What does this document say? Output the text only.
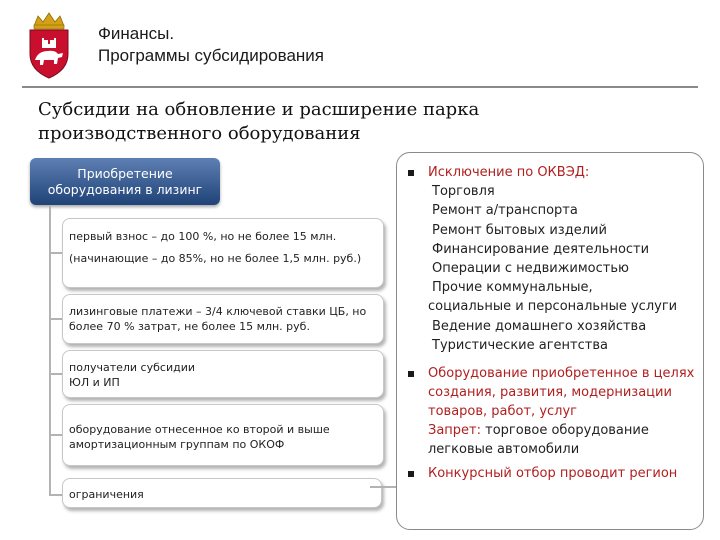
Финансы.
Программы субсидирования
Субсидии на обновление и расширение парка
производственного оборудования
Приобретение
оборудования в лизинг
первый взнос – до 100 %, но не более 15 млн.
(начинающие – до 85%, но не более 1,5 млн. руб.)
лизинговые платежи – 3/4 ключевой ставки ЦБ, но более 70 % затрат, не более 15 млн. руб.
получатели субсидии
ЮЛ и ИП
оборудование отнесенное ко второй и выше амортизационным группам по ОКОФ
ограничения
Исключение по ОКВЭД:
Торговля
Ремонт а/транспорта
Ремонт бытовых изделий
Финансирование деятельности
Операции с недвижимостью
Прочие коммунальные,
социальные и персональные услуги
Ведение домашнего хозяйства
Туристические агентства
Оборудование приобретенное в целях
создания, развития, модернизации
товаров, работ, услуг
Запрет: торговое оборудование
легковые автомобили
Конкурсный отбор проводит регион
